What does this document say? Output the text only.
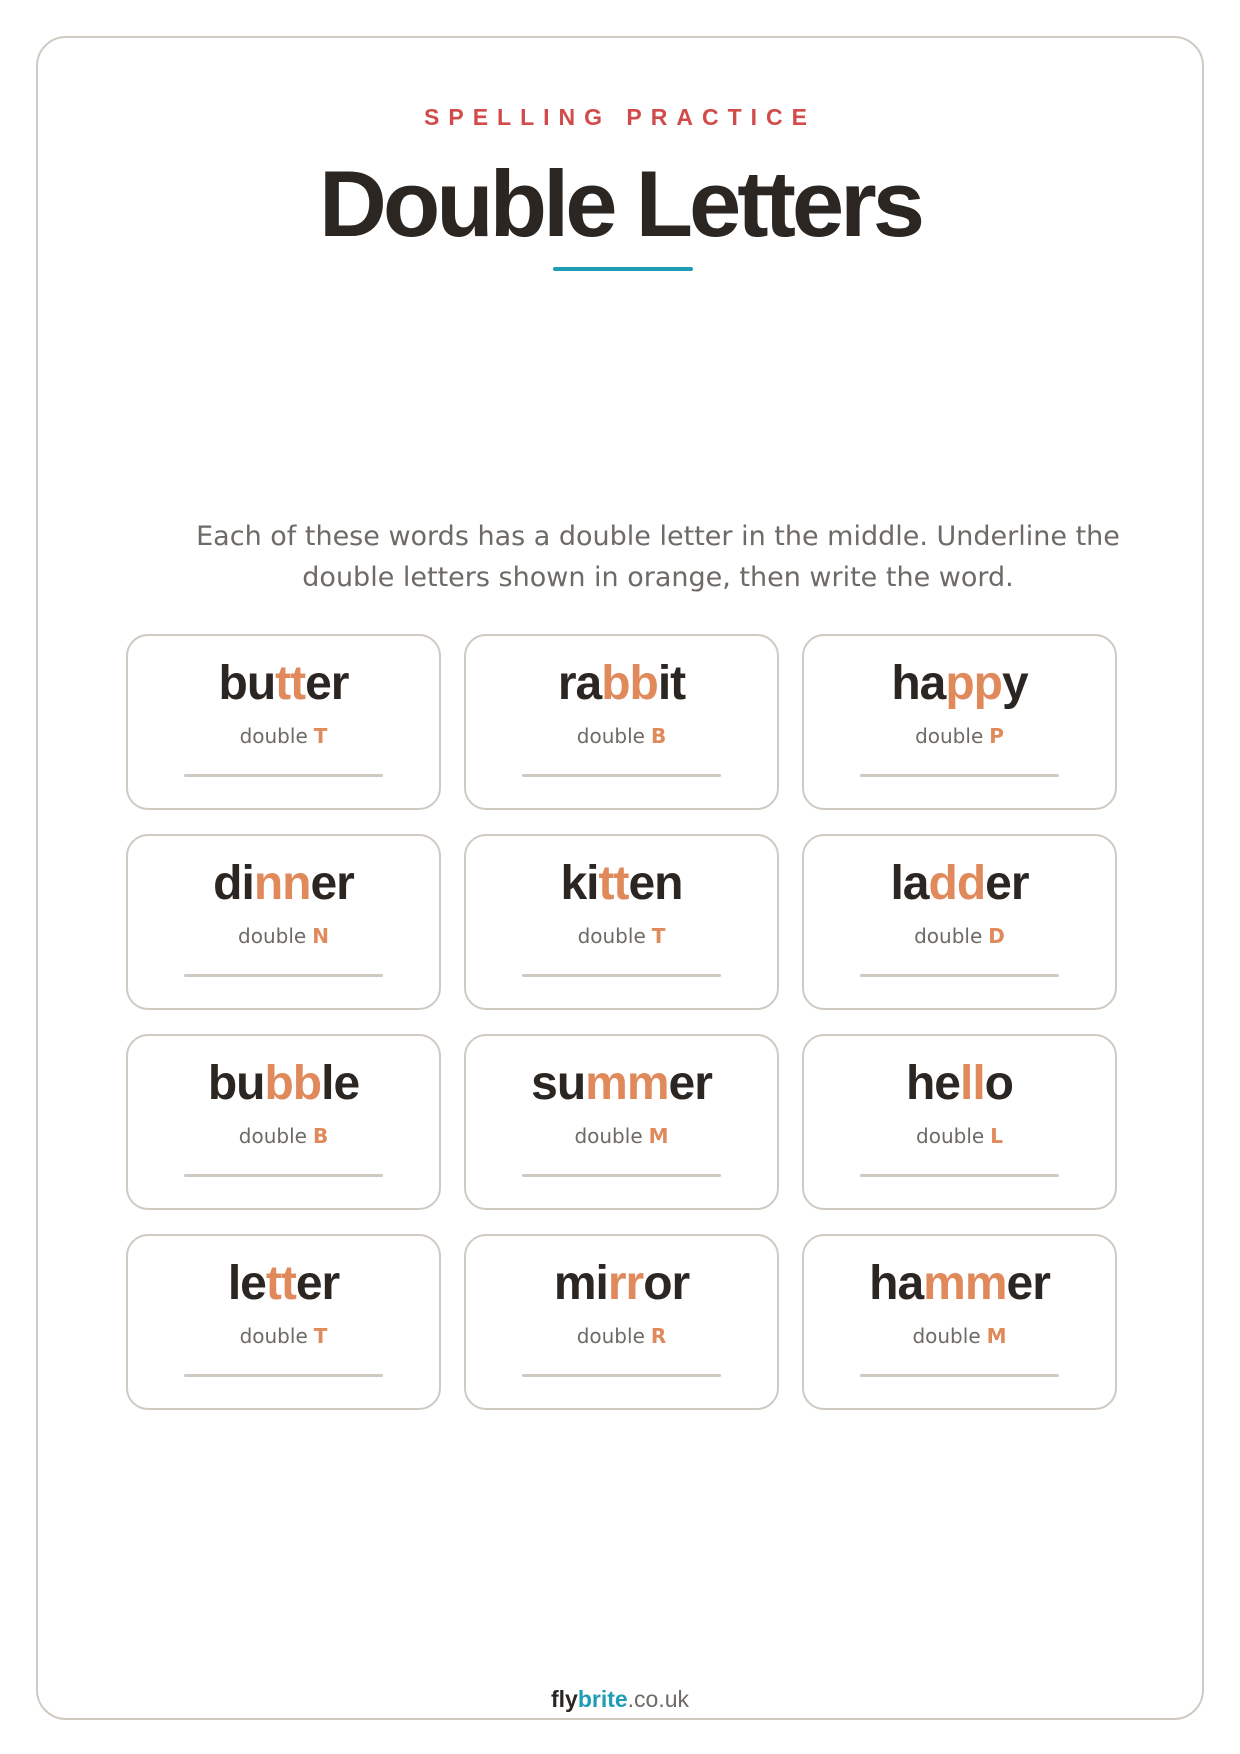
SPELLING PRACTICE
Double Letters
Each of these words has a double letter in the middle. Underline the double letters shown in orange, then write the word.
butter
double T
rabbit
double B
happy
double P
dinner
double N
kitten
double T
ladder
double D
bubble
double B
summer
double M
hello
double L
letter
double T
mirror
double R
hammer
double M
flybrite.co.uk
